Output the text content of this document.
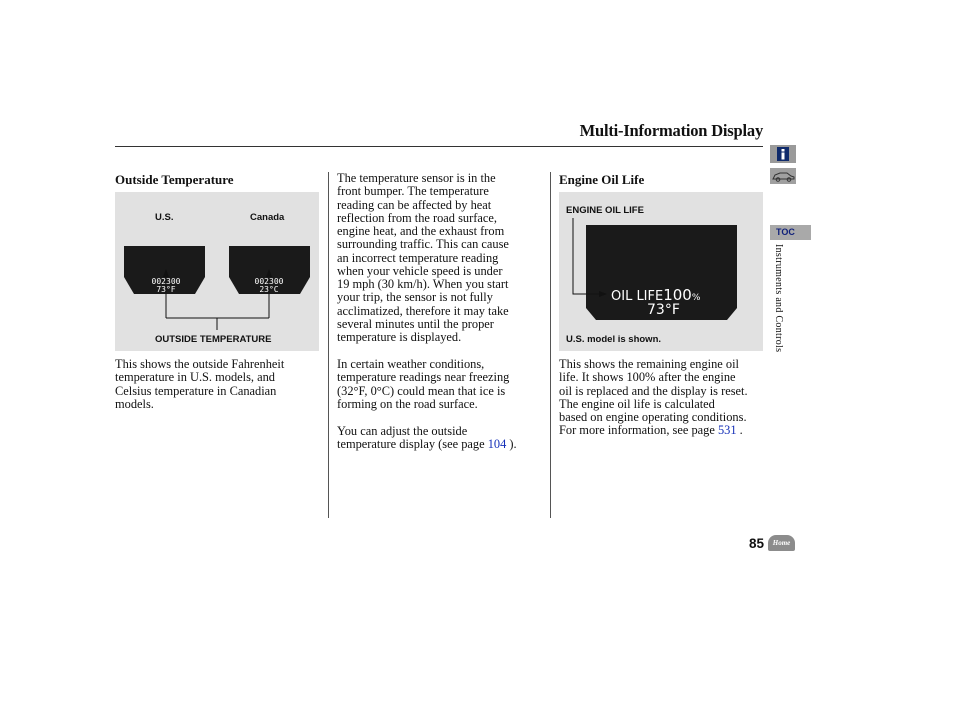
Multi-Information Display
Outside Temperature
U.S.	Canada
002300
73°F
002300
23°C
OUTSIDE TEMPERATURE
This shows the outside Fahrenheit
temperature in U.S. models, and
Celsius temperature in Canadian
models.
The temperature sensor is in the
front bumper. The temperature
reading can be affected by heat
reflection from the road surface,
engine heat, and the exhaust from
surrounding traffic. This can cause
an incorrect temperature reading
when your vehicle speed is under
19 mph (30 km/h). When you start
your trip, the sensor is not fully
acclimatized, therefore it may take
several minutes until the proper
temperature is displayed.
In certain weather conditions,
temperature readings near freezing
(32°F, 0°C) could mean that ice is
forming on the road surface.
You can adjust the outside
temperature display (see page 104 ).
Engine Oil Life
ENGINE OIL LIFE
OIL LIFE100%
73°F
U.S. model is shown.
This shows the remaining engine oil
life. It shows 100% after the engine
oil is replaced and the display is reset.
The engine oil life is calculated
based on engine operating conditions.
For more information, see page 531 .
TOC
Instruments and Controls
85	Home
